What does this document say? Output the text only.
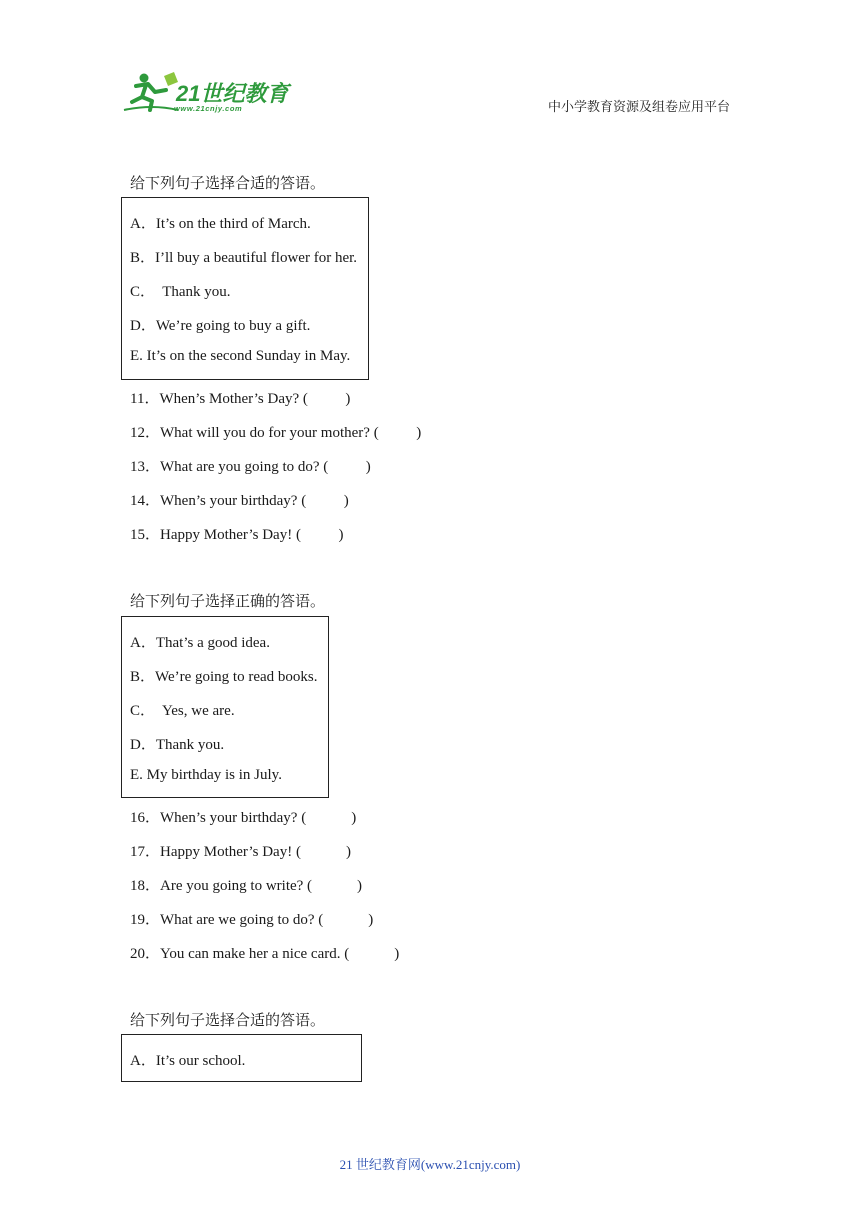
21世纪教育
www.21cnjy.com	中小学教育资源及组卷应用平台
给下列句子选择合适的答语。
A．It’s on the third of March.
B．I’ll buy a beautiful flower for her.
C．  Thank you.
D．We’re going to buy a gift.
E. It’s on the second Sunday in May.
11．When’s Mother’s Day? (          )
12．What will you do for your mother? (          )
13．What are you going to do? (          )
14．When’s your birthday? (          )
15．Happy Mother’s Day! (          )
给下列句子选择正确的答语。
A．That’s a good idea.
B．We’re going to read books.
C．  Yes, we are.
D．Thank you.
E. My birthday is in July.
16．When’s your birthday? (            )
17．Happy Mother’s Day! (            )
18．Are you going to write? (            )
19．What are we going to do? (            )
20．You can make her a nice card. (            )
给下列句子选择合适的答语。
A．It’s our school.
21 世纪教育网(www.21cnjy.com)
